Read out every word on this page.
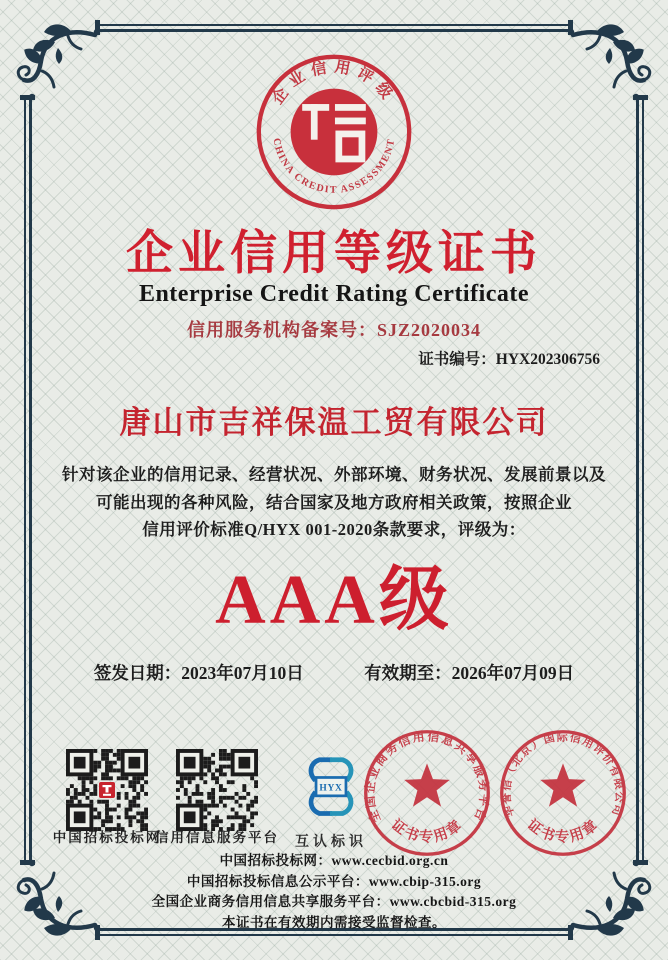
企业信用评级
CHINA CREDIT ASSESSMENT
企业信用等级证书
Enterprise Credit Rating Certificate
信用服务机构备案号：SJZ2020034
证书编号：HYX202306756
唐山市吉祥保温工贸有限公司
针对该企业的信用记录、经营状况、外部环境、财务状况、发展前景以及
可能出现的各种风险，结合国家及地方政府相关政策，按照企业
信用评价标准Q/HYX 001-2020条款要求，评级为：
AAA级
签发日期：2023年07月10日	有效期至：2026年07月09日
中国招标投标网
信用信息服务平台
HYX
互认标识
全国企业商务信用信息共享服务平台
证书专用章
华誉信（北京）国际信用评价有限公司
证书专用章
中国招标投标网：www.cecbid.org.cn
中国招标投标信息公示平台：www.cbip-315.org
全国企业商务信用信息共享服务平台：www.cbcbid-315.org
本证书在有效期内需接受监督检查。
